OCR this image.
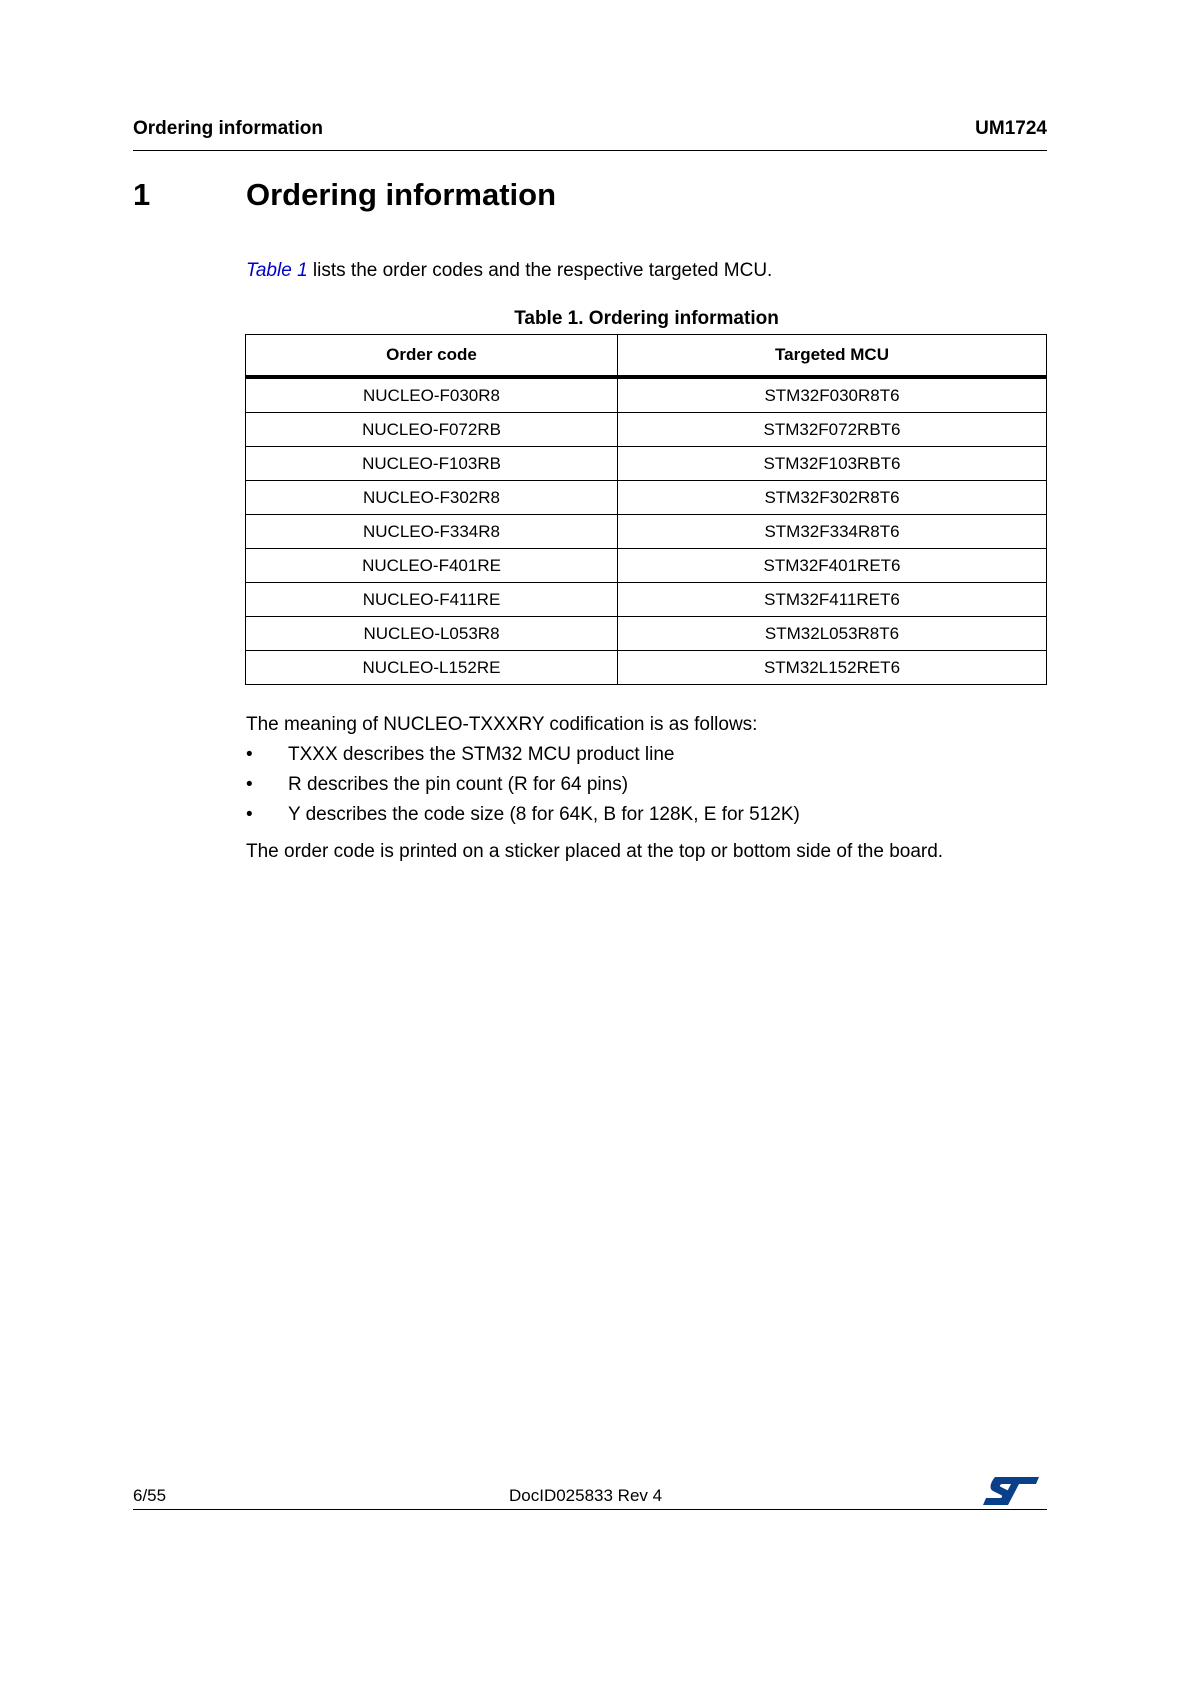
Ordering information	UM1724
1	Ordering information
Table 1 lists the order codes and the respective targeted MCU.
Table 1. Ordering information
Order code	Targeted MCU
NUCLEO-F030R8	STM32F030R8T6
NUCLEO-F072RB	STM32F072RBT6
NUCLEO-F103RB	STM32F103RBT6
NUCLEO-F302R8	STM32F302R8T6
NUCLEO-F334R8	STM32F334R8T6
NUCLEO-F401RE	STM32F401RET6
NUCLEO-F411RE	STM32F411RET6
NUCLEO-L053R8	STM32L053R8T6
NUCLEO-L152RE	STM32L152RET6
The meaning of NUCLEO-TXXXRY codification is as follows:
• TXXX describes the STM32 MCU product line
• R describes the pin count (R for 64 pins)
• Y describes the code size (8 for 64K, B for 128K, E for 512K)
The order code is printed on a sticker placed at the top or bottom side of the board.
6/55	DocID025833 Rev 4
